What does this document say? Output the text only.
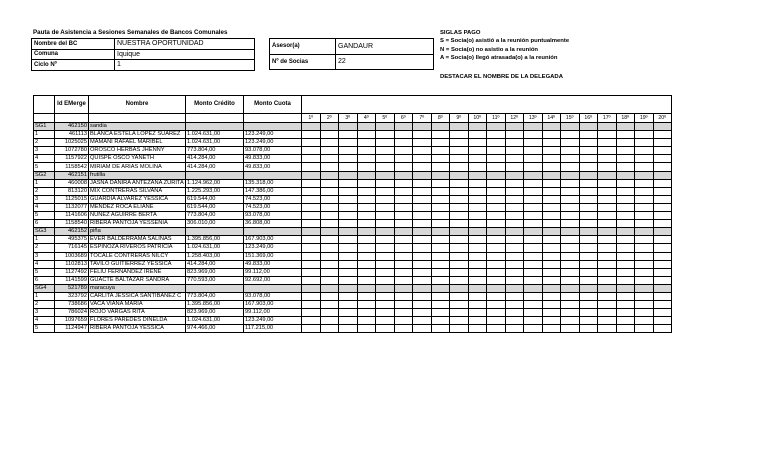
Pauta de Asistencia a Sesiones Semanales de Bancos Comunales
Nombre del BC	NUESTRA OPORTUNIDAD
Comuna	Iquique
Ciclo Nº	1
Asesor(a)	GANDAUR
Nº de Socias	22
SIGLAS PAGO
S = Socia(o) asistió a la reunión puntualmente
N = Socia(o) no asistio a la reunión
A = Socia(o) llegó atrasada(o) a la reunión
DESTACAR EL NOMBRE DE LA DELEGADA
	Id EMerge	Nombre	Monto Crédito	Monto Cuota																				
					1º	2º	3º	4º	5º	6º	7º	8º	9º	10º	11º	12º	13º	14º	15º	16º	17º	18º	19º	20º
SG1	462150	sandia																						
1	461113	BLANCA ESTELA LOPEZ SUAREZ	1.024.631,00	123.249,00																				
2	1025025	MAMANI RAFAEL MARIBEL	1.024.631,00	123.249,00																				
3	1072780	OROSCO HERBAS JHENNY	773.804,00	93.078,00																				
4	1157922	QUISPE OSCO YANETH	414.284,00	49.833,00																				
5	1158542	MIRIAM DE ARIAS MOLINA	414.284,00	49.833,00																				
SG2	462151	frutilla																						
1	460008	JASNA DANIRA ANTEZANA ZURITA	1.124.962,00	135.318,00																				
2	813120	MIX CONTRERAS SILVANA	1.225.293,00	147.386,00																				
3	1125015	GUARDIA ALVAREZ YESSICA	619.544,00	74.523,00																				
4	1132077	MENDEZ ROCA ELIANE	619.544,00	74.523,00																				
5	1141606	NUÑEZ AGUIRRE BERTA	773.804,00	93.078,00																				
6	1158540	RIBERA PANTOJA YESSENIA	306.010,00	36.808,00																				
SG3	462152	piña																						
1	495375	EVER BALDERRAMA SALINAS	1.395.856,00	167.903,00																				
2	716145	ESPINOZA RIVEROS PATRICIA	1.024.631,00	123.249,00																				
3	1003689	TOCALE CONTRERAS NILCY	1.258.403,00	151.369,00																				
4	1102813	TAVILO GUITIERREZ YESSICA	414.284,00	49.833,00																				
5	1127492	FELIU FERNANDEZ IRENE	823.969,00	99.112,00																				
6	1141599	GUACTE BALTAZAR SANDRA	770.593,00	92.692,00																				
SG4	521789	maracuya																						
1	323792	CARLITA JESSICA SANTIBAÑEZ C	773.804,00	93.078,00																				
2	738686	VACA VIANA MARIA	1.395.856,00	167.903,00																				
3	786024	ROJO VARGAS RITA	823.969,00	99.112,00																				
4	1097659	FLORES PAREDES DINELDA	1.024.631,00	123.249,00																				
5	1124947	RIBERA PANTOJA YESSICA	974.466,00	117.215,00																				
